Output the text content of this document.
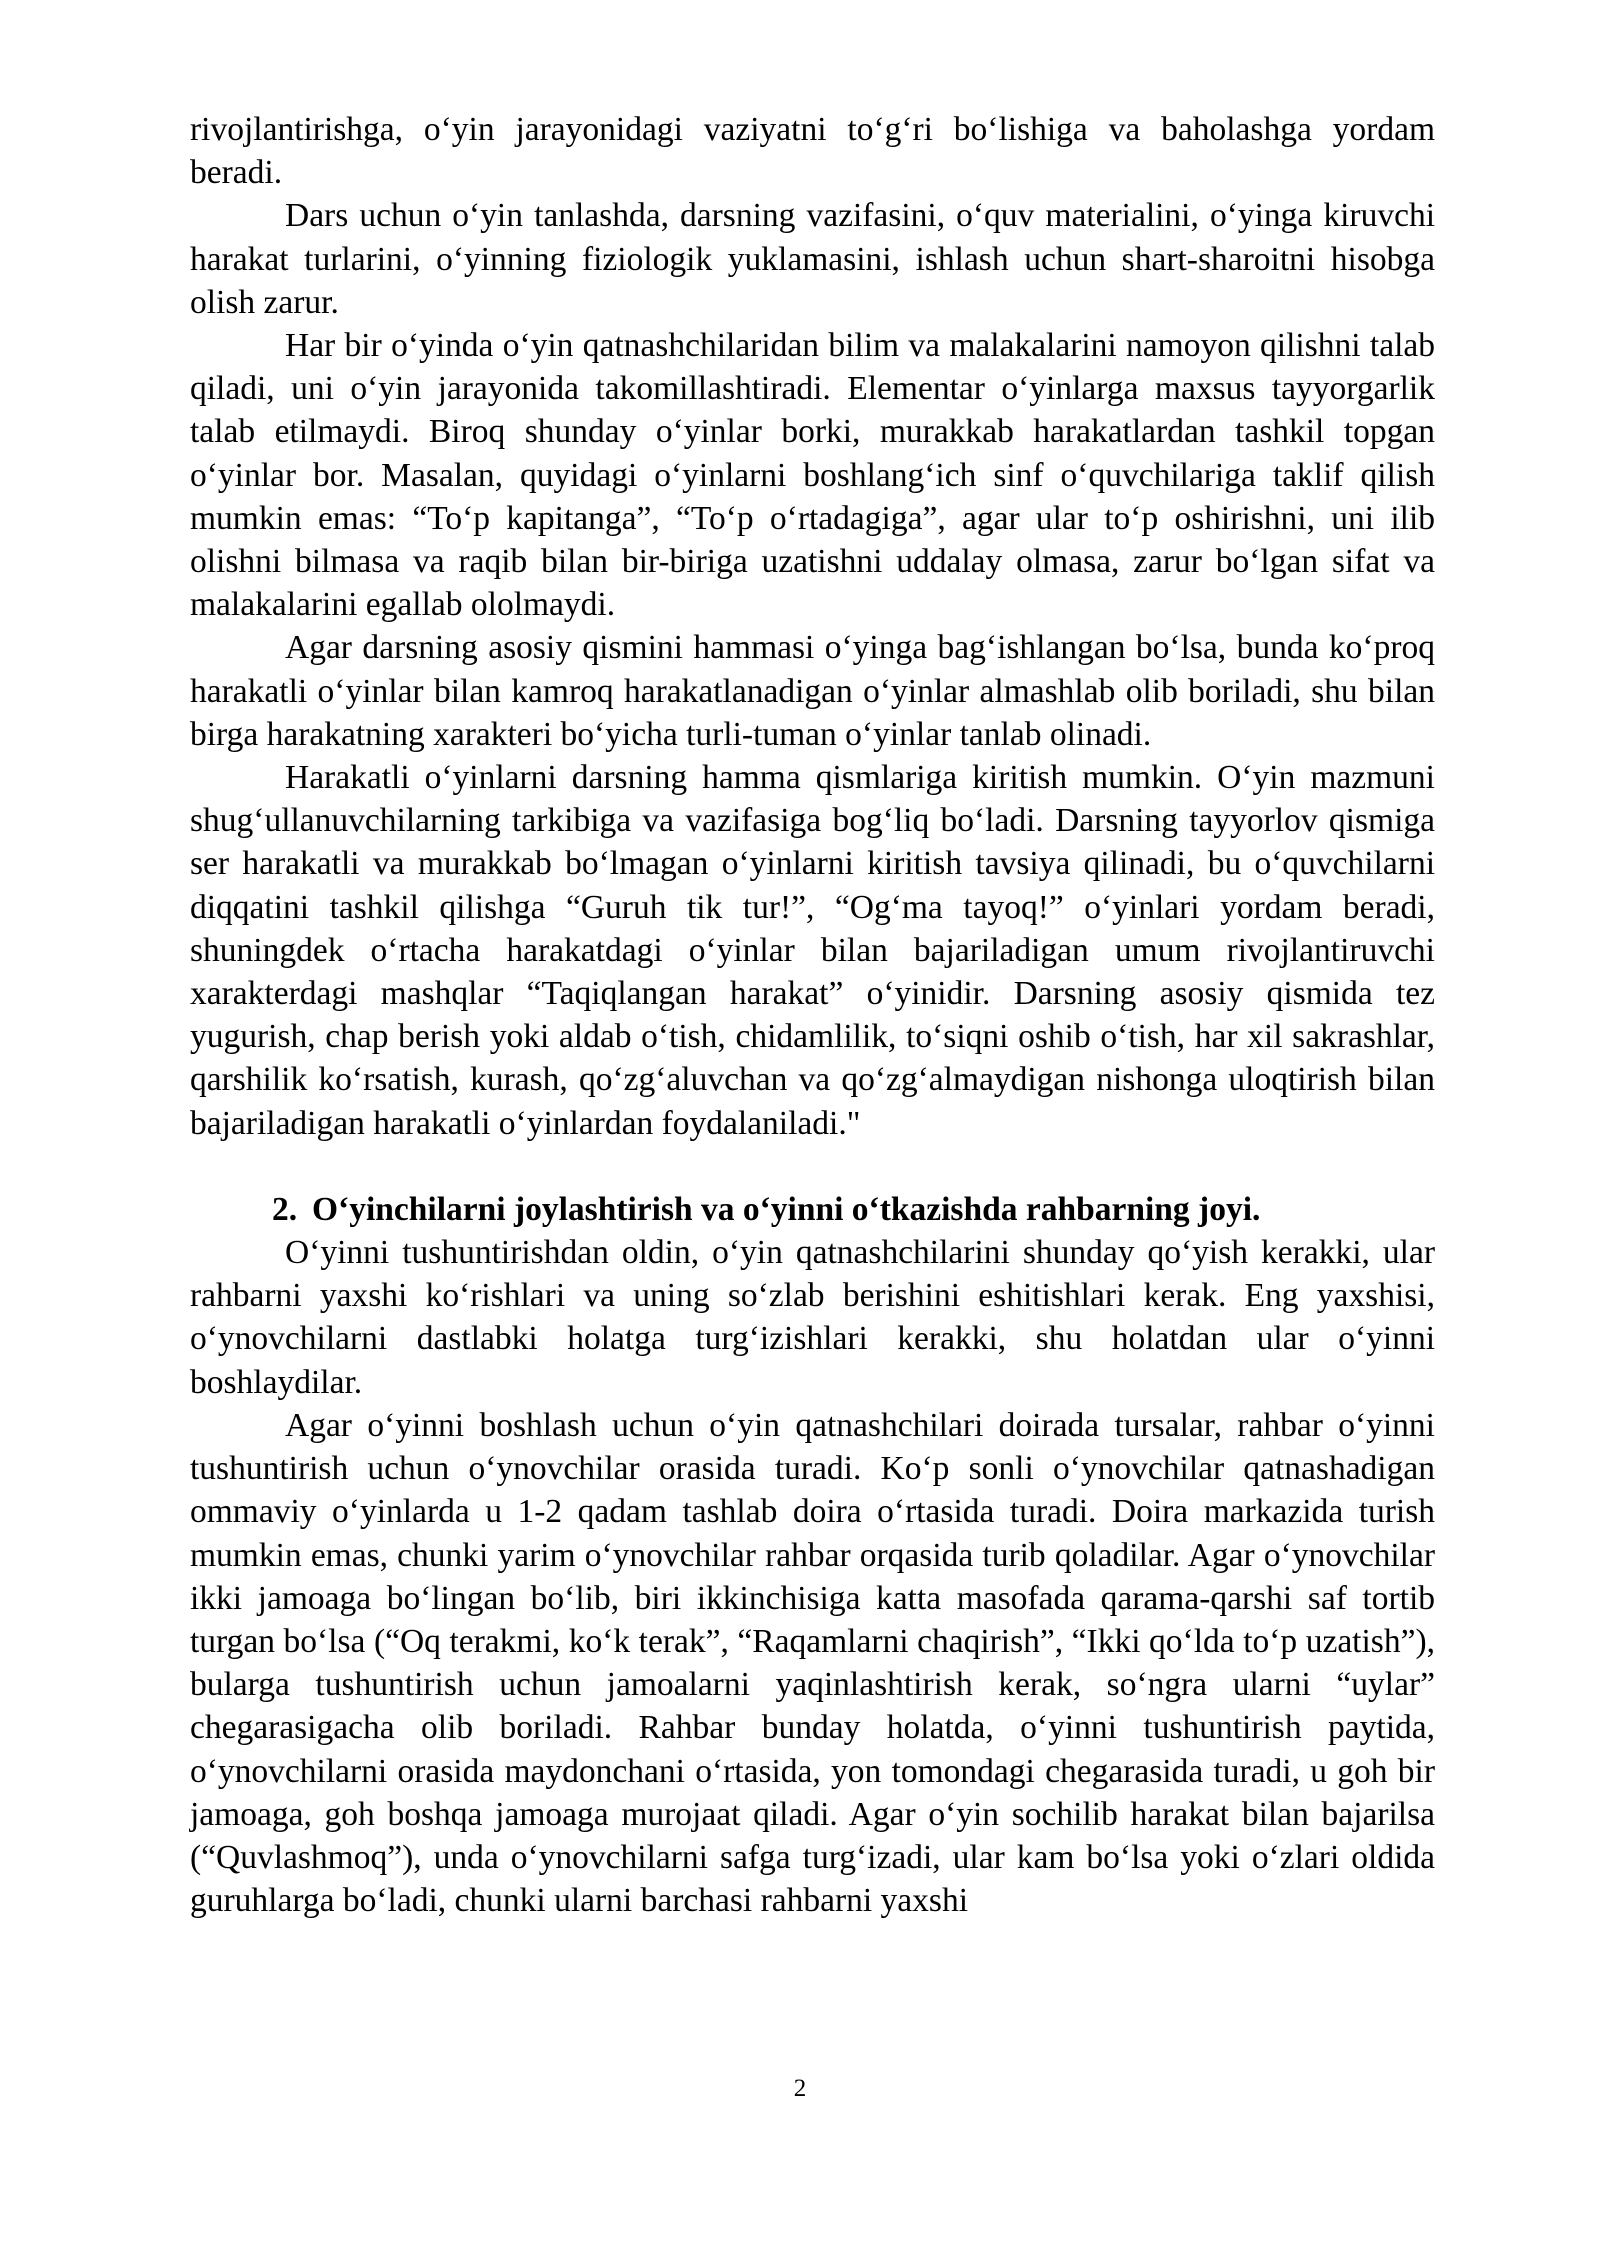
rivojlantirishga, o‘yin jarayonidagi vaziyatni to‘g‘ri bo‘lishiga va baholashga yordam beradi.

Dars uchun o‘yin tanlashda, darsning vazifasini, o‘quv materialini, o‘yinga kiruvchi harakat turlarini, o‘yinning fiziologik yuklamasini, ishlash uchun shart-sharoitni hisobga olish zarur.

Har bir o‘yinda o‘yin qatnashchilaridan bilim va malakalarini namoyon qilishni talab qiladi, uni o‘yin jarayonida takomillashtiradi. Elementar o‘yinlarga maxsus tayyorgarlik talab etilmaydi. Biroq shunday o‘yinlar borki, murakkab harakatlardan tashkil topgan o‘yinlar bor. Masalan, quyidagi o‘yinlarni boshlang‘ich sinf o‘quvchilariga taklif qilish mumkin emas: “To‘p kapitanga”, “To‘p o‘rtadagiga”, agar ular to‘p oshirishni, uni ilib olishni bilmasa va raqib bilan bir-biriga uzatishni uddalay olmasa, zarur bo‘lgan sifat va malakalarini egallab ololmaydi.

Agar darsning asosiy qismini hammasi o‘yinga bag‘ishlangan bo‘lsa, bunda ko‘proq harakatli o‘yinlar bilan kamroq harakatlanadigan o‘yinlar almashlab olib boriladi, shu bilan birga harakatning xarakteri bo‘yicha turli-tuman o‘yinlar tanlab olinadi.

Harakatli o‘yinlarni darsning hamma qismlariga kiritish mumkin. O‘yin mazmuni shug‘ullanuvchilarning tarkibiga va vazifasiga bog‘liq bo‘ladi. Darsning tayyorlov qismiga ser harakatli va murakkab bo‘lmagan o‘yinlarni kiritish tavsiya qilinadi, bu o‘quvchilarni diqqatini tashkil qilishga “Guruh tik tur!”, “Og‘ma tayoq!” o‘yinlari yordam beradi, shuningdek o‘rtacha harakatdagi o‘yinlar bilan bajariladigan umum rivojlantiruvchi xarakterdagi mashqlar “Taqiqlangan harakat” o‘yinidir. Darsning asosiy qismida tez yugurish, chap berish yoki aldab o‘tish, chidamlilik, to‘siqni oshib o‘tish, har xil sakrashlar, qarshilik ko‘rsatish, kurash, qo‘zg‘aluvchan va qo‘zg‘almaydigan nishonga uloqtirish bilan bajariladigan harakatli o‘yinlardan foydalaniladi."

2. O‘yinchilarni joylashtirish va o‘yinni o‘tkazishda rahbarning joyi.

O‘yinni tushuntirishdan oldin, o‘yin qatnashchilarini shunday qo‘yish kerakki, ular rahbarni yaxshi ko‘rishlari va uning so‘zlab berishini eshitishlari kerak. Eng yaxshisi, o‘ynovchilarni dastlabki holatga turg‘izishlari kerakki, shu holatdan ular o‘yinni boshlaydilar.

Agar o‘yinni boshlash uchun o‘yin qatnashchilari doirada tursalar, rahbar o‘yinni tushuntirish uchun o‘ynovchilar orasida turadi. Ko‘p sonli o‘ynovchilar qatnashadigan ommaviy o‘yinlarda u 1-2 qadam tashlab doira o‘rtasida turadi. Doira markazida turish mumkin emas, chunki yarim o‘ynovchilar rahbar orqasida turib qoladilar. Agar o‘ynovchilar ikki jamoaga bo‘lingan bo‘lib, biri ikkinchisiga katta masofada qarama-qarshi saf tortib turgan bo‘lsa (“Oq terakmi, ko‘k terak”, “Raqamlarni chaqirish”, “Ikki qo‘lda to‘p uzatish”), bularga tushuntirish uchun jamoalarni yaqinlashtirish kerak, so‘ngra ularni “uylar” chegarasigacha olib boriladi. Rahbar bunday holatda, o‘yinni tushuntirish paytida, o‘ynovchilarni orasida maydonchani o‘rtasida, yon tomondagi chegarasida turadi, u goh bir jamoaga, goh boshqa jamoaga murojaat qiladi. Agar o‘yin sochilib harakat bilan bajarilsa (“Quvlashmoq”), unda o‘ynovchilarni safga turg‘izadi, ular kam bo‘lsa yoki o‘zlari oldida guruhlarga bo‘ladi, chunki ularni barchasi rahbarni yaxshi

2
